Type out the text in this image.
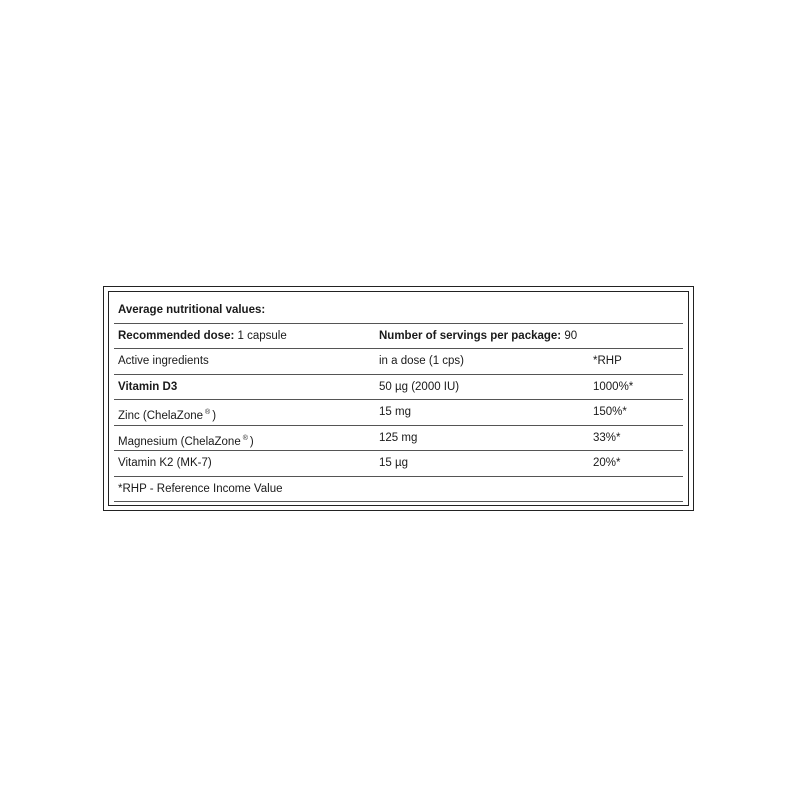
Average nutritional values:
Recommended dose: 1 capsule	Number of servings per package: 90
Active ingredients	in a dose (1 cps)	*RHP
Vitamin D3	50 µg (2000 IU)	1000%*
Zinc (ChelaZone ® )	15 mg	150%*
Magnesium (ChelaZone ® )	125 mg	33%*
Vitamin K2 (MK-7)	15 µg	20%*
*RHP - Reference Income Value
